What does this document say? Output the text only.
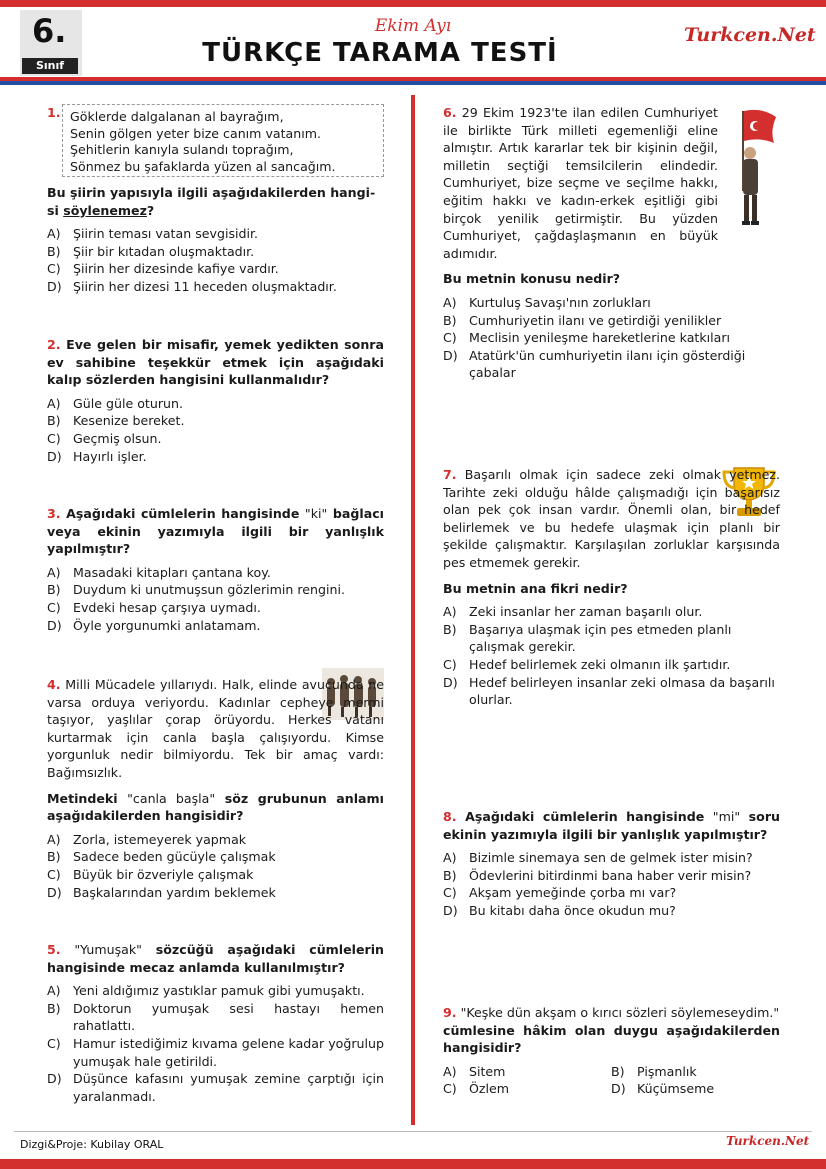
6.
Sınıf
Ekim Ayı
TÜRKÇE TARAMA TESTİ
Turkcen.Net
1. Göklerde dalgalanan al bayrağım,
Senin gölgen yeter bize canım vatanım.
Şehitlerin kanıyla sulandı toprağım,
Sönmez bu şafaklarda yüzen al sancağım.
Bu şiirin yapısıyla ilgili aşağıdakilerden hangi-
si söylenemez?
A) Şiirin teması vatan sevgisidir.
B) Şiir bir kıtadan oluşmaktadır.
C) Şiirin her dizesinde kafiye vardır.
D) Şiirin her dizesi 11 heceden oluşmaktadır.
2. Eve gelen bir misafir, yemek yedikten sonra ev sahibine teşekkür etmek için aşağıdaki kalıp sözlerden hangisini kullanmalıdır?
A) Güle güle oturun.
B) Kesenize bereket.
C) Geçmiş olsun.
D) Hayırlı işler.
3. Aşağıdaki cümlelerin hangisinde "ki" bağlacı veya ekinin yazımıyla ilgili bir yanlışlık yapılmıştır?
A) Masadaki kitapları çantana koy.
B) Duydum ki unutmuşsun gözlerimin rengini.
C) Evdeki hesap çarşıya uymadı.
D) Öyle yorgunumki anlatamam.
4. Milli Mücadele yıllarıydı. Halk, elinde avucunda ne varsa orduya veriyordu. Kadınlar cepheye mermi taşıyor, yaşlılar çorap örüyordu. Herkes vatanı kurtarmak için canla başla çalışıyordu. Kimse yorgunluk nedir bilmiyordu. Tek bir amaç vardı: Bağımsızlık.
Metindeki "canla başla" söz grubunun anlamı aşağıdakilerden hangisidir?
A) Zorla, istemeyerek yapmak
B) Sadece beden gücüyle çalışmak
C) Büyük bir özveriyle çalışmak
D) Başkalarından yardım beklemek
5. "Yumuşak" sözcüğü aşağıdaki cümlelerin hangisinde mecaz anlamda kullanılmıştır?
A) Yeni aldığımız yastıklar pamuk gibi yumuşaktı.
B) Doktorun yumuşak sesi hastayı hemen rahatlattı.
C) Hamur istediğimiz kıvama gelene kadar yoğrulup yumuşak hale getirildi.
D) Düşünce kafasını yumuşak zemine çarptığı için yaralanmadı.
6. 29 Ekim 1923'te ilan edilen Cumhuriyet ile birlikte Türk milleti egemenliği eline almıştır. Artık kararlar tek bir kişinin değil, milletin seçtiği temsilcilerin elindedir. Cumhuriyet, bize seçme ve seçilme hakkı, eğitim hakkı ve kadın-erkek eşitliği gibi birçok yenilik getirmiştir. Bu yüzden Cumhuriyet, çağdaşlaşmanın en büyük adımıdır.
Bu metnin konusu nedir?
A) Kurtuluş Savaşı'nın zorlukları
B) Cumhuriyetin ilanı ve getirdiği yenilikler
C) Meclisin yenileşme hareketlerine katkıları
D) Atatürk'ün cumhuriyetin ilanı için gösterdiği çabalar
7. Başarılı olmak için sadece zeki olmak yetmez. Tarihte zeki olduğu hâlde çalışmadığı için başarısız olan pek çok insan vardır. Önemli olan, bir hedef belirlemek ve bu hedefe ulaşmak için planlı bir şekilde çalışmaktır. Karşılaşılan zorluklar karşısında pes etmemek gerekir.
Bu metnin ana fikri nedir?
A) Zeki insanlar her zaman başarılı olur.
B) Başarıya ulaşmak için pes etmeden planlı çalışmak gerekir.
C) Hedef belirlemek zeki olmanın ilk şartıdır.
D) Hedef belirleyen insanlar zeki olmasa da başarılı olurlar.
8. Aşağıdaki cümlelerin hangisinde "mi" soru ekinin yazımıyla ilgili bir yanlışlık yapılmıştır?
A) Bizimle sinemaya sen de gelmek ister misin?
B) Ödevlerini bitirdinmi bana haber verir misin?
C) Akşam yemeğinde çorba mı var?
D) Bu kitabı daha önce okudun mu?
9. "Keşke dün akşam o kırıcı sözleri söylemeseydim."
cümlesine hâkim olan duygu aşağıdakilerden hangisidir?
A) Sitem	B) Pişmanlık
C) Özlem	D) Küçümseme
Dizgi&Proje: Kubilay ORAL	Turkcen.Net
